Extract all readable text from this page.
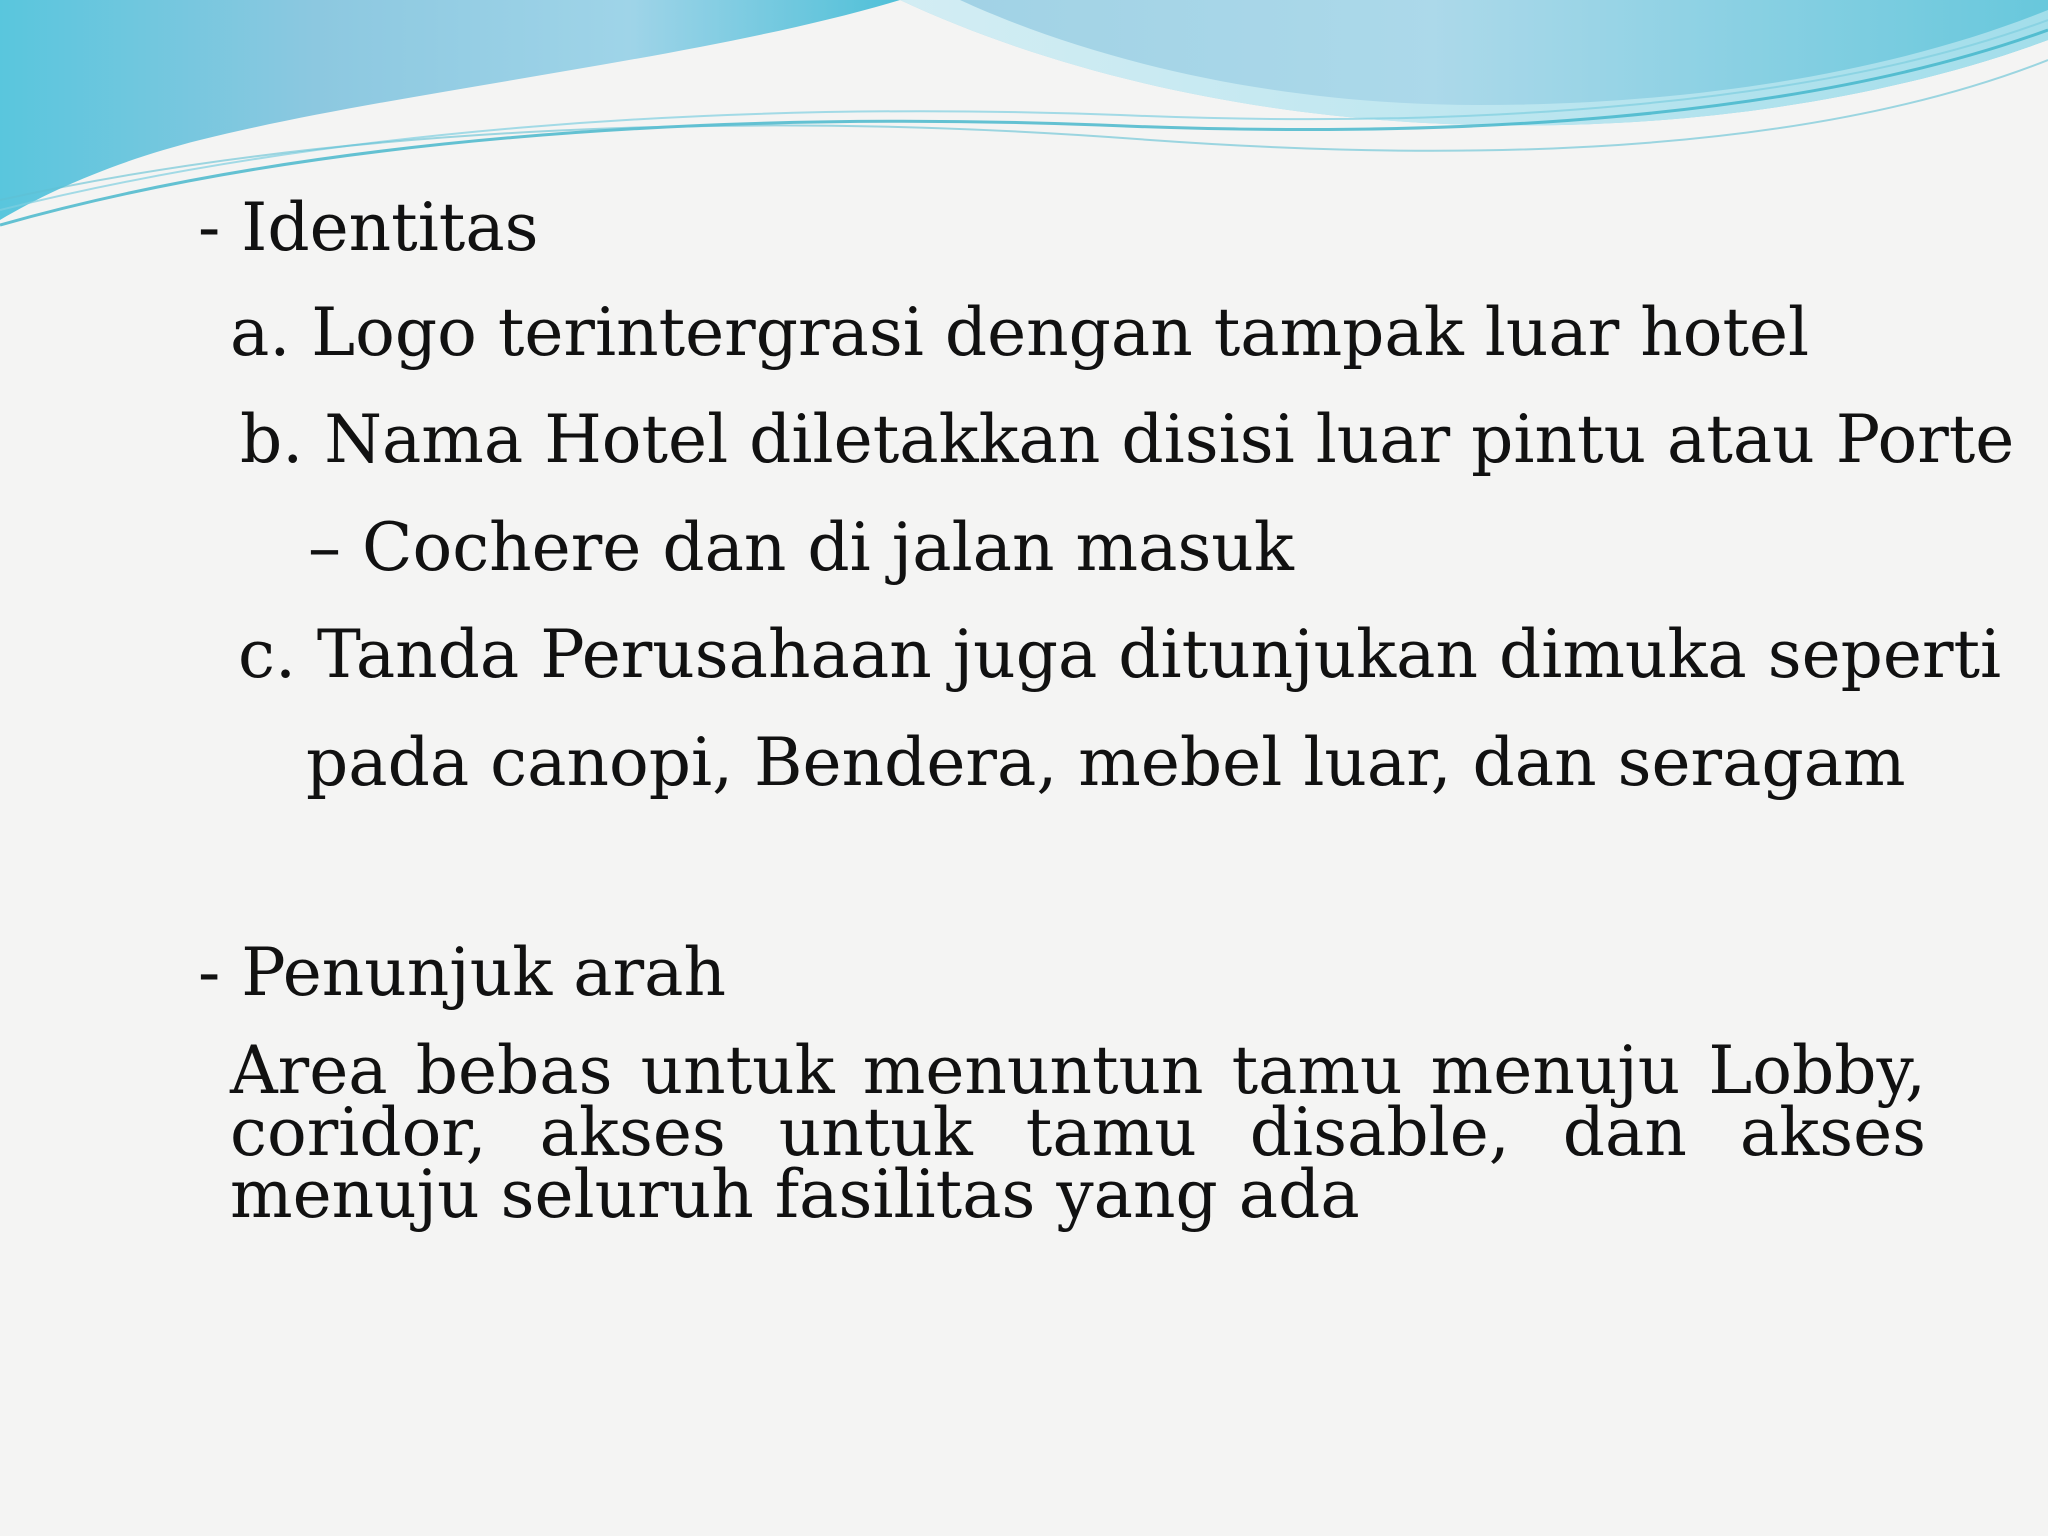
- Identitas

a. Logo terintergrasi dengan tampak luar hotel

b. Nama Hotel diletakkan disisi luar pintu atau Porte

– Cochere dan di jalan masuk

c. Tanda Perusahaan juga ditunjukan dimuka seperti

pada canopi, Bendera, mebel luar, dan seragam

- Penunjuk arah

Area bebas untuk menuntun tamu menuju Lobby, coridor, akses untuk tamu disable, dan akses menuju seluruh fasilitas yang ada
